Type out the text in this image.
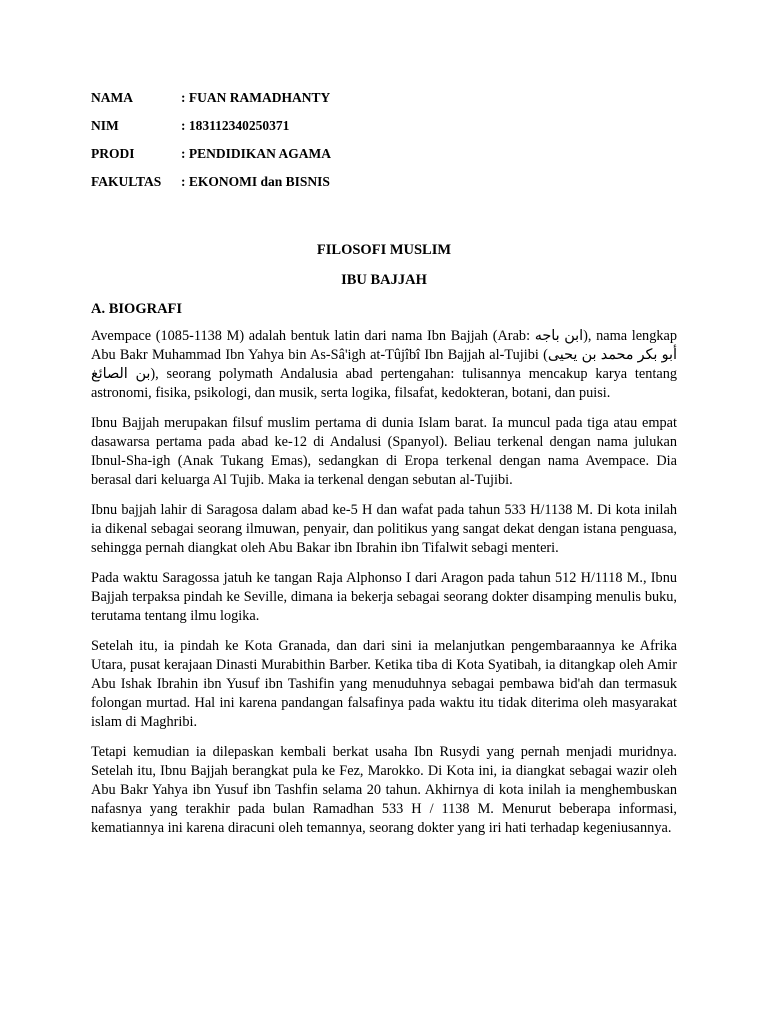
NAMA	: FUAN RAMADHANTY
NIM	: 183112340250371
PRODI	: PENDIDIKAN AGAMA
FAKULTAS	: EKONOMI dan BISNIS

FILOSOFI MUSLIM

IBU BAJJAH

A. BIOGRAFI

Avempace (1085-1138 M) adalah bentuk latin dari nama Ibn Bajjah (Arab: ابن باجه), nama lengkap Abu Bakr Muhammad Ibn Yahya bin As-Sâ'igh at-Tûjîbî Ibn Bajjah al-Tujibi (أبو بكر محمد بن يحيى بن الصائغ), seorang polymath Andalusia abad pertengahan: tulisannya mencakup karya tentang astronomi, fisika, psikologi, dan musik, serta logika, filsafat, kedokteran, botani, dan puisi.

Ibnu Bajjah merupakan filsuf muslim pertama di dunia Islam barat. Ia muncul pada tiga atau empat dasawarsa pertama pada abad ke-12 di Andalusi (Spanyol). Beliau terkenal dengan nama julukan Ibnul-Sha-igh (Anak Tukang Emas), sedangkan di Eropa terkenal dengan nama Avempace. Dia berasal dari keluarga Al Tujib. Maka ia terkenal dengan sebutan al-Tujibi.

Ibnu bajjah lahir di Saragosa dalam abad ke-5 H dan wafat pada tahun 533 H/1138 M. Di kota inilah ia dikenal sebagai seorang ilmuwan, penyair, dan politikus yang sangat dekat dengan istana penguasa, sehingga pernah diangkat oleh Abu Bakar ibn Ibrahin ibn Tifalwit sebagi menteri.

Pada waktu Saragossa jatuh ke tangan Raja Alphonso I dari Aragon pada tahun 512 H/1118 M., Ibnu Bajjah terpaksa pindah ke Seville, dimana ia bekerja sebagai seorang dokter disamping menulis buku, terutama tentang ilmu logika.

Setelah itu, ia pindah ke Kota Granada, dan dari sini ia melanjutkan pengembaraannya ke Afrika Utara, pusat kerajaan Dinasti Murabithin Barber. Ketika tiba di Kota Syatibah, ia ditangkap oleh Amir Abu Ishak Ibrahin ibn Yusuf ibn Tashifin yang menuduhnya sebagai pembawa bid'ah dan termasuk folongan murtad. Hal ini karena pandangan falsafinya pada waktu itu tidak diterima oleh masyarakat islam di Maghribi.

Tetapi kemudian ia dilepaskan kembali berkat usaha Ibn Rusydi yang pernah menjadi muridnya. Setelah itu, Ibnu Bajjah berangkat pula ke Fez, Marokko. Di Kota ini, ia diangkat sebagai wazir oleh Abu Bakr Yahya ibn Yusuf ibn Tashfin selama 20 tahun. Akhirnya di kota inilah ia menghembuskan nafasnya yang terakhir pada bulan Ramadhan 533 H / 1138 M. Menurut beberapa informasi, kematiannya ini karena diracuni oleh temannya, seorang dokter yang iri hati terhadap kegeniusannya.
